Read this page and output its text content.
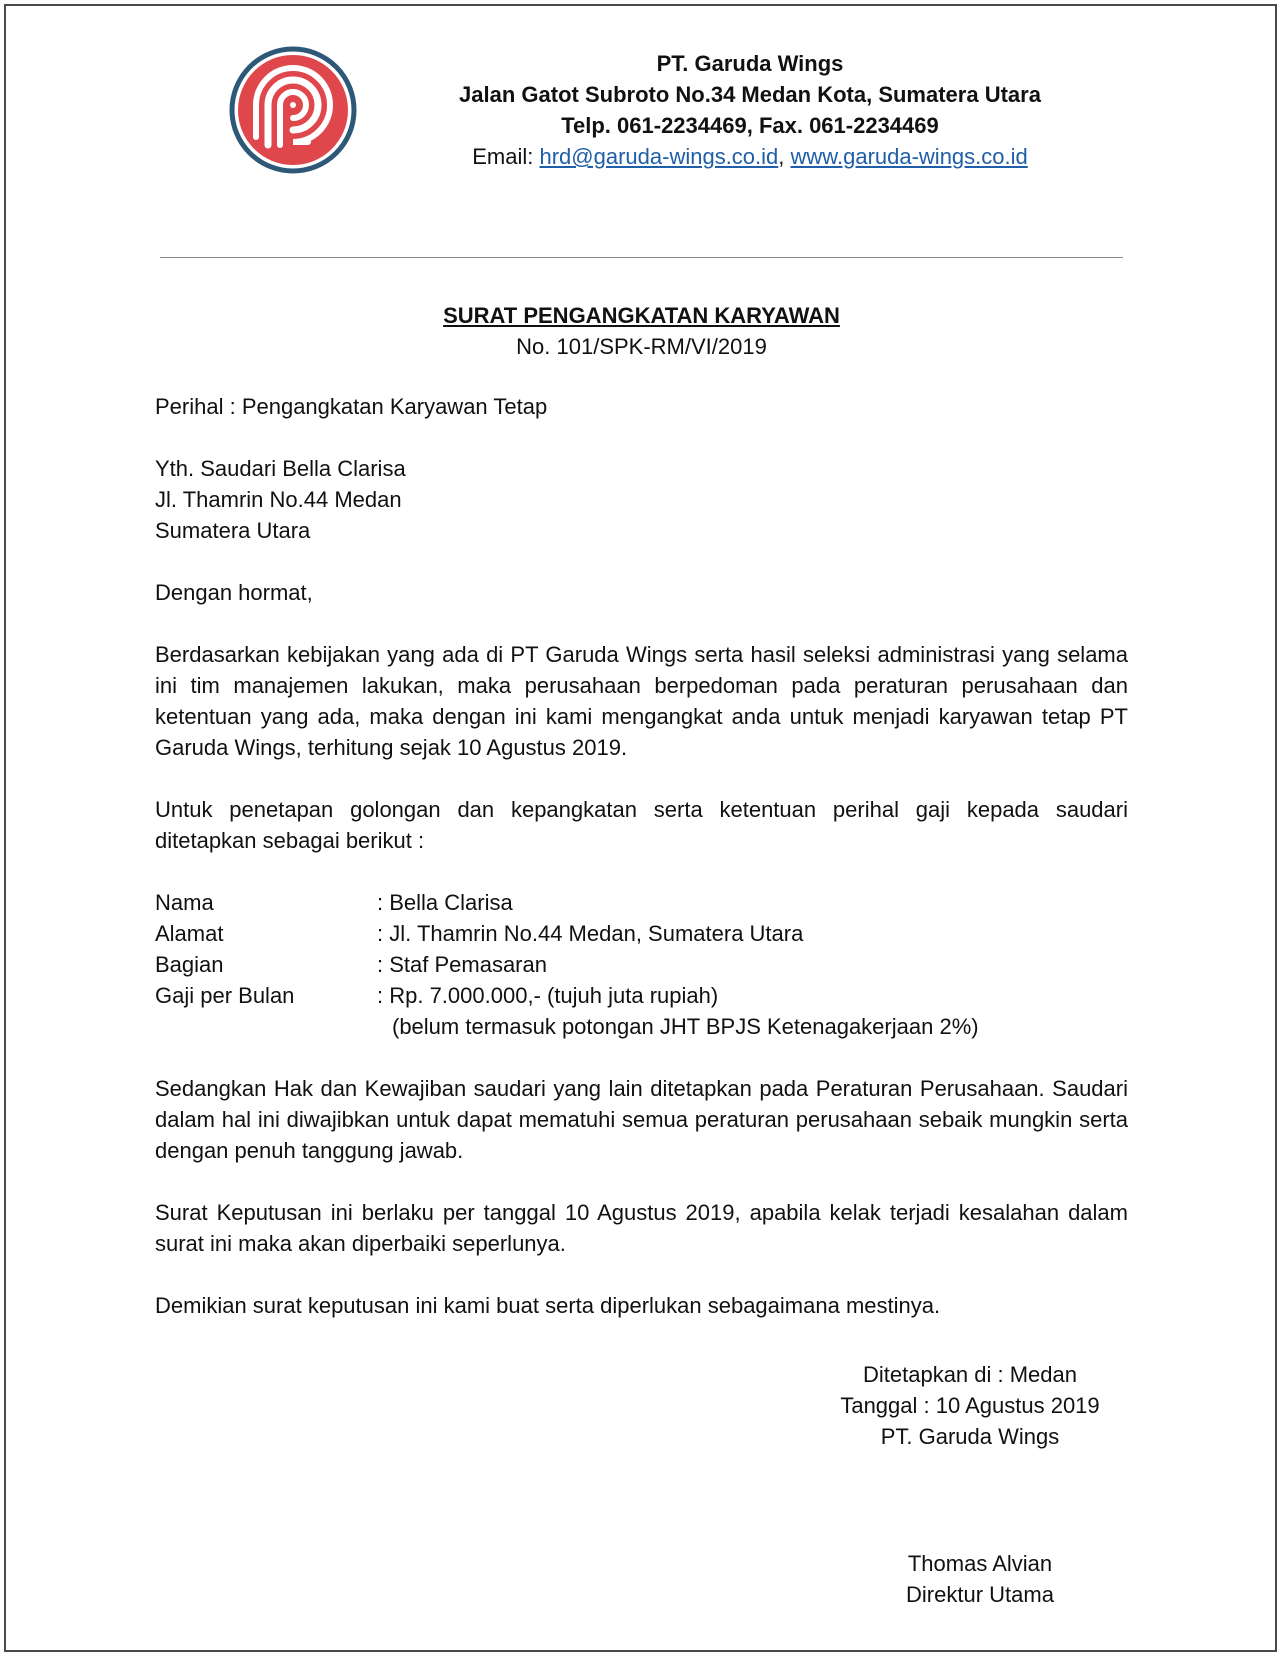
PT. Garuda Wings
Jalan Gatot Subroto No.34 Medan Kota, Sumatera Utara
Telp. 061-2234469, Fax. 061-2234469
Email: hrd@garuda-wings.co.id, www.garuda-wings.co.id
SURAT PENGANGKATAN KARYAWAN
No. 101/SPK-RM/VI/2019

Perihal : Pengangkatan Karyawan Tetap

Yth. Saudari Bella Clarisa

Jl. Thamrin No.44 Medan

Sumatera Utara

Dengan hormat,

Berdasarkan kebijakan yang ada di PT Garuda Wings serta hasil seleksi administrasi yang selama ini tim manajemen lakukan, maka perusahaan berpedoman pada peraturan perusahaan dan ketentuan yang ada, maka dengan ini kami mengangkat anda untuk menjadi karyawan tetap PT Garuda Wings, terhitung sejak 10 Agustus 2019.

Untuk penetapan golongan dan kepangkatan serta ketentuan perihal gaji kepada saudari ditetapkan sebagai berikut :

Nama	: Bella Clarisa
Alamat	: Jl. Thamrin No.44 Medan, Sumatera Utara
Bagian	: Staf Pemasaran
Gaji per Bulan	: Rp. 7.000.000,- (tujuh juta rupiah)

(belum termasuk potongan JHT BPJS Ketenagakerjaan 2%)

Sedangkan Hak dan Kewajiban saudari yang lain ditetapkan pada Peraturan Perusahaan. Saudari dalam hal ini diwajibkan untuk dapat mematuhi semua peraturan perusahaan sebaik mungkin serta dengan penuh tanggung jawab.

Surat Keputusan ini berlaku per tanggal 10 Agustus 2019, apabila kelak terjadi kesalahan dalam surat ini maka akan diperbaiki seperlunya.

Demikian surat keputusan ini kami buat serta diperlukan sebagaimana mestinya.

Ditetapkan di : Medan
Tanggal : 10 Agustus 2019
PT. Garuda Wings
Thomas Alvian
Direktur Utama
